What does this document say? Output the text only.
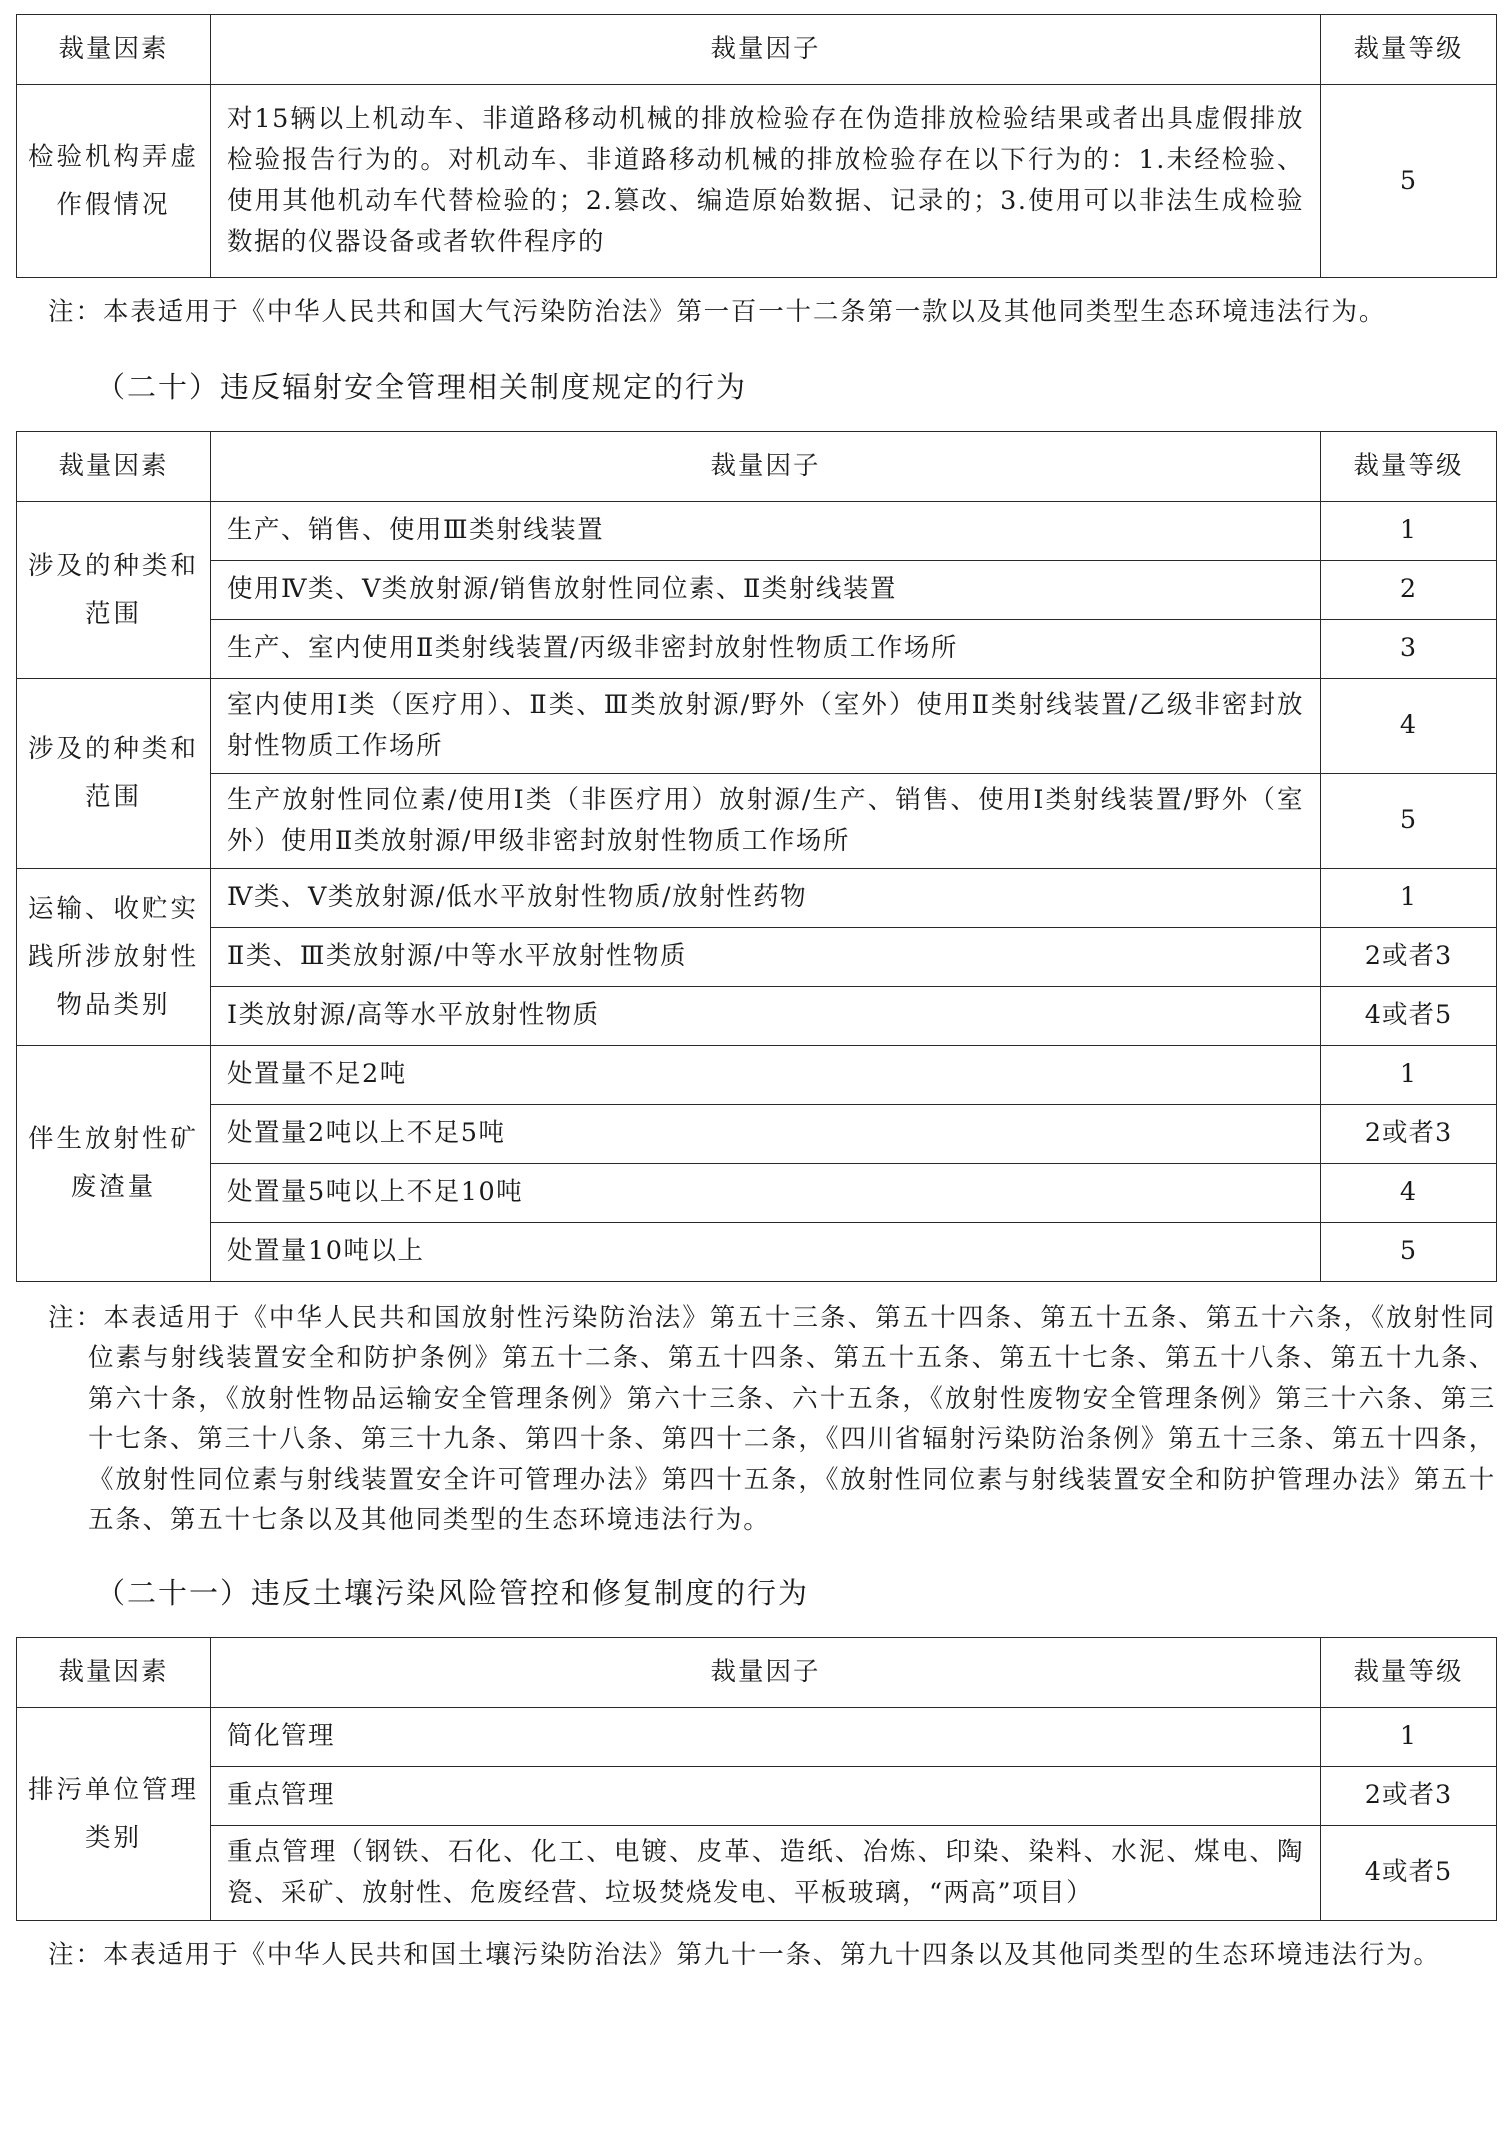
裁量因素	裁量因子	裁量等级
检验机构弄虚作假情况	对15辆以上机动车、非道路移动机械的排放检验存在伪造排放检验结果或者出具虚假排放检验报告行为的。对机动车、非道路移动机械的排放检验存在以下行为的：1.未经检验、使用其他机动车代替检验的；2.篡改、编造原始数据、记录的；3.使用可以非法生成检验数据的仪器设备或者软件程序的	5

注：本表适用于《中华人民共和国大气污染防治法》第一百一十二条第一款以及其他同类型生态环境违法行为。

（二十）违反辐射安全管理相关制度规定的行为

裁量因素	裁量因子	裁量等级
涉及的种类和范围	生产、销售、使用Ⅲ类射线装置	1
	使用Ⅳ类、Ⅴ类放射源/销售放射性同位素、Ⅱ类射线装置	2
	生产、室内使用Ⅱ类射线装置/丙级非密封放射性物质工作场所	3
涉及的种类和范围	室内使用Ⅰ类（医疗用）、Ⅱ类、Ⅲ类放射源/野外（室外）使用Ⅱ类射线装置/乙级非密封放射性物质工作场所	4
	生产放射性同位素/使用Ⅰ类（非医疗用）放射源/生产、销售、使用Ⅰ类射线装置/野外（室外）使用Ⅱ类放射源/甲级非密封放射性物质工作场所	5
运输、收贮实践所涉放射性物品类别	Ⅳ类、Ⅴ类放射源/低水平放射性物质/放射性药物	1
	Ⅱ类、Ⅲ类放射源/中等水平放射性物质	2或者3
	Ⅰ类放射源/高等水平放射性物质	4或者5
伴生放射性矿废渣量	处置量不足2吨	1
	处置量2吨以上不足5吨	2或者3
	处置量5吨以上不足10吨	4
	处置量10吨以上	5

注：本表适用于《中华人民共和国放射性污染防治法》第五十三条、第五十四条、第五十五条、第五十六条，《放射性同位素与射线装置安全和防护条例》第五十二条、第五十四条、第五十五条、第五十七条、第五十八条、第五十九条、第六十条，《放射性物品运输安全管理条例》第六十三条、六十五条，《放射性废物安全管理条例》第三十六条、第三十七条、第三十八条、第三十九条、第四十条、第四十二条，《四川省辐射污染防治条例》第五十三条、第五十四条，《放射性同位素与射线装置安全许可管理办法》第四十五条，《放射性同位素与射线装置安全和防护管理办法》第五十五条、第五十七条以及其他同类型的生态环境违法行为。

（二十一）违反土壤污染风险管控和修复制度的行为

裁量因素	裁量因子	裁量等级
排污单位管理类别	简化管理	1
	重点管理	2或者3
	重点管理（钢铁、石化、化工、电镀、皮革、造纸、冶炼、印染、染料、水泥、煤电、陶瓷、采矿、放射性、危废经营、垃圾焚烧发电、平板玻璃，“两高”项目）	4或者5

注：本表适用于《中华人民共和国土壤污染防治法》第九十一条、第九十四条以及其他同类型的生态环境违法行为。
